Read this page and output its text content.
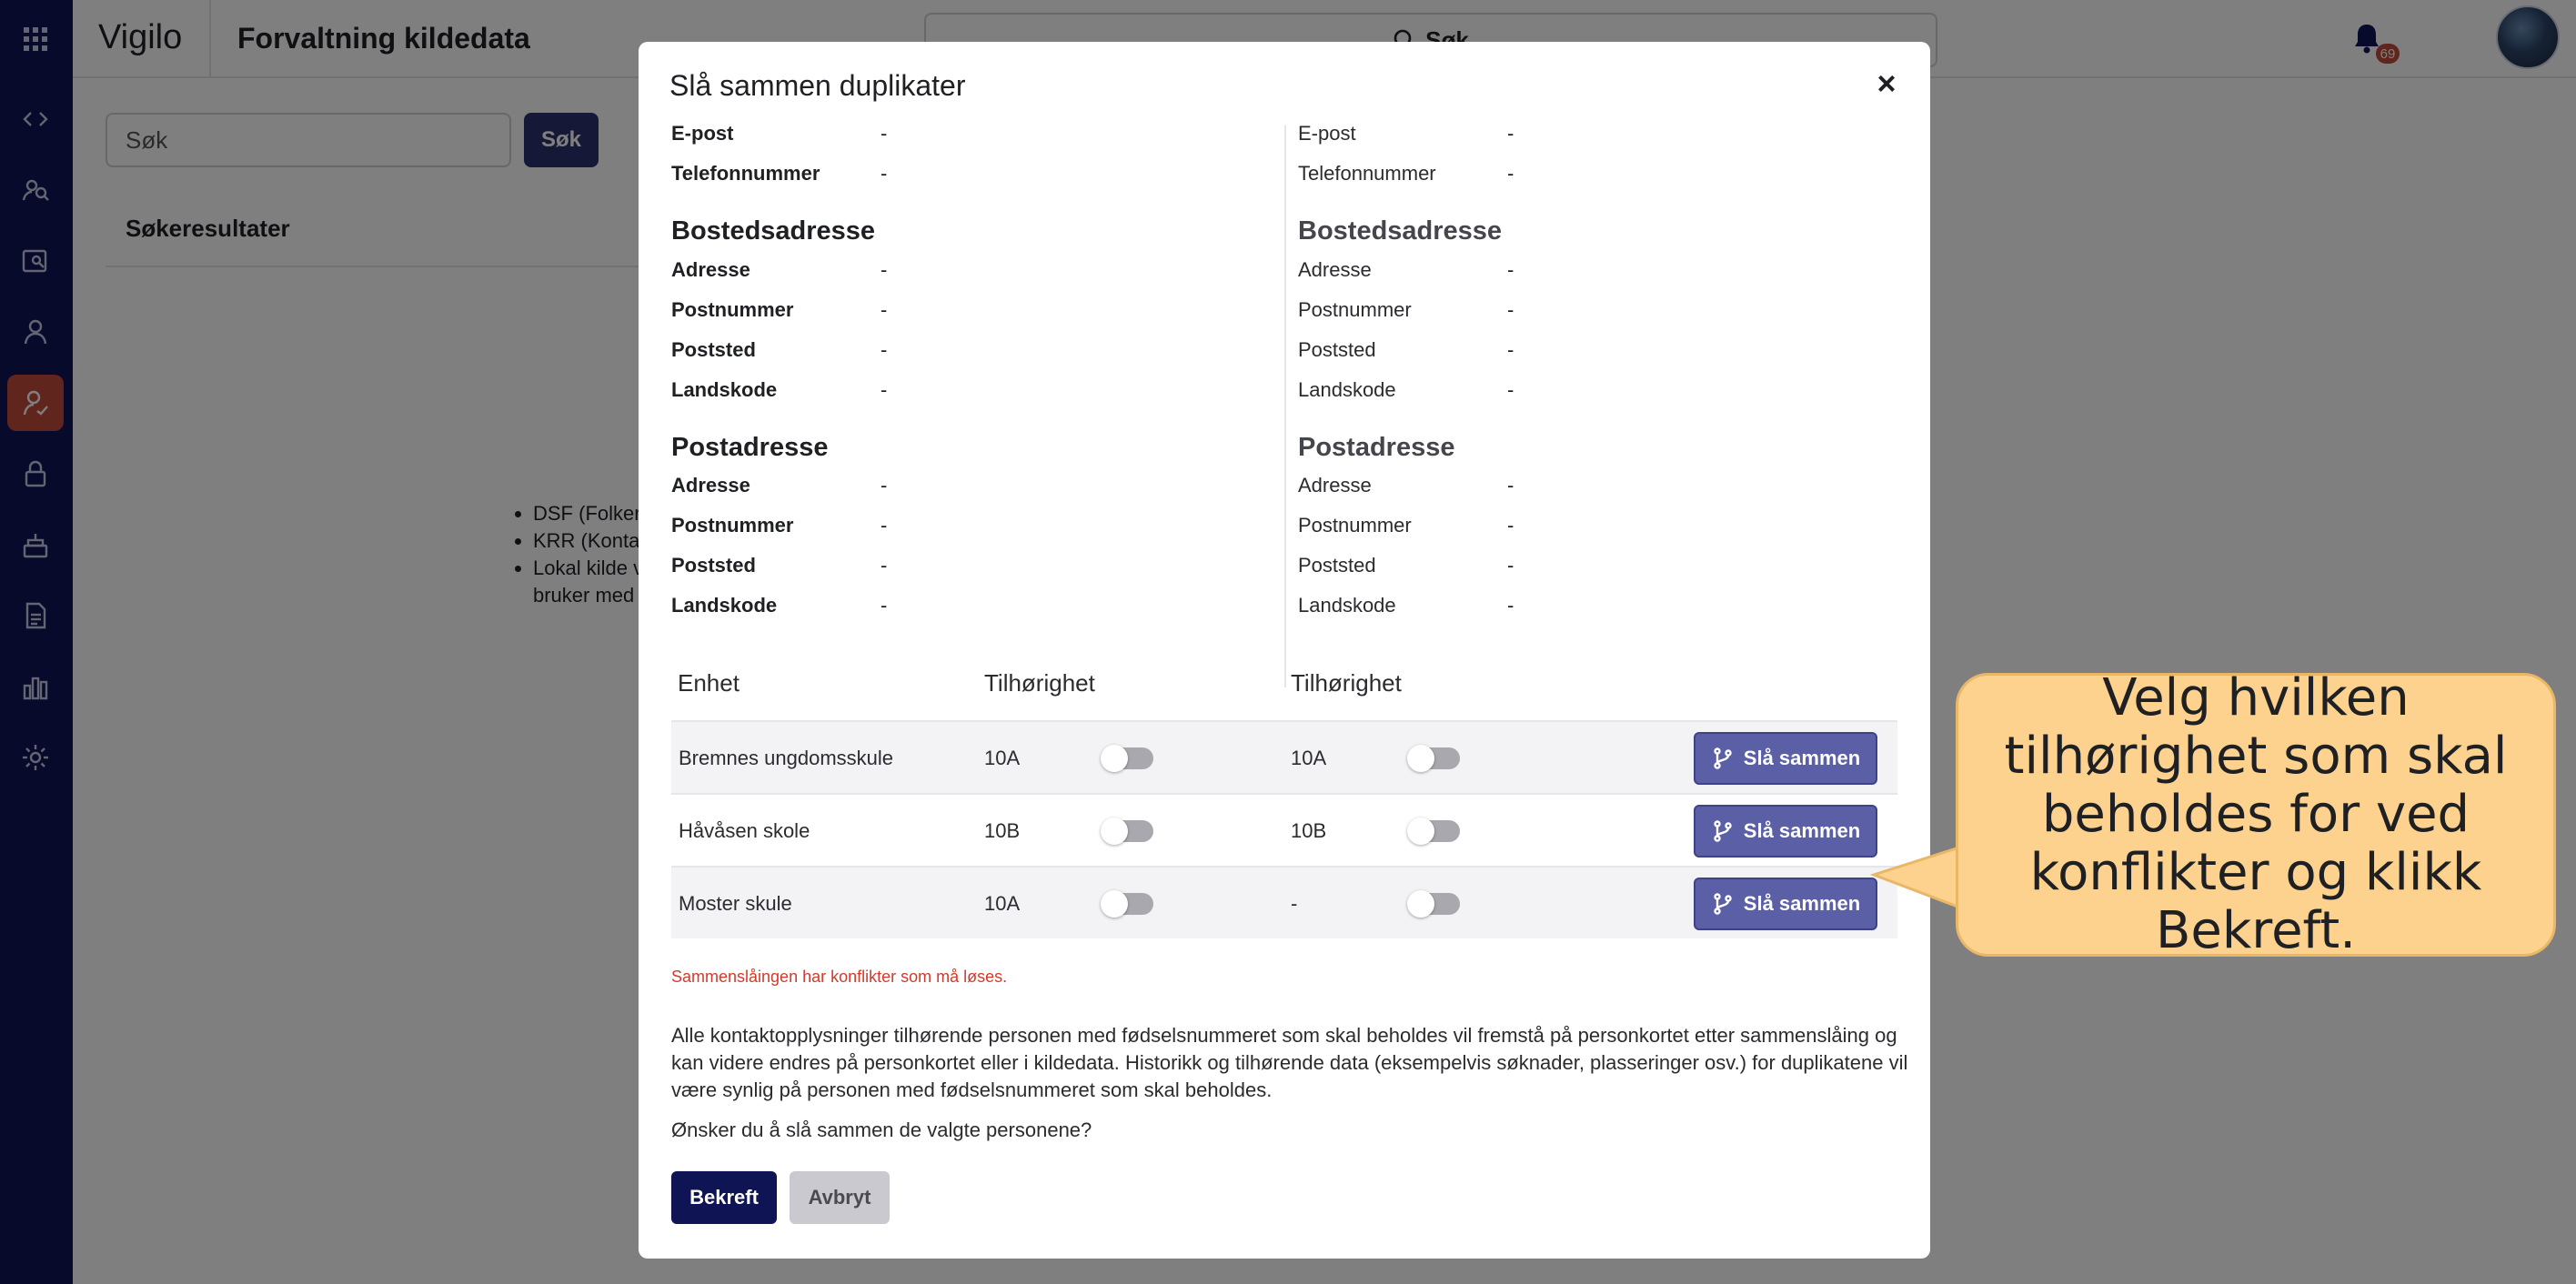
•
•
•
Slå sammen duplikater	×
E-post	-
Telefonnummer	-
Bostedsadresse
Adresse	-
Postnummer	-
Poststed	-
Landskode	-
Postadresse
Adresse	-
Postnummer	-
Poststed	-
Landskode	-
E-post	-
Telefonnummer	-
Bostedsadresse
Adresse	-
Postnummer	-
Poststed	-
Landskode	-
Postadresse
Adresse	-
Postnummer	-
Poststed	-
Landskode	-
Enhet	Tilhørighet	Tilhørighet
Bremnes ungdomsskule	10A	10A	Slå sammen
Håvåsen skole	10B	10B	Slå sammen
Moster skule	10A	-	Slå sammen
Sammenslåingen har konflikter som må løses.
Alle kontaktopplysninger tilhørende personen med fødselsnummeret som skal beholdes vil fremstå på personkortet etter sammenslåing og kan videre endres på personkortet eller i kildedata. Historikk og tilhørende data (eksempelvis søknader, plasseringer osv.) for duplikatene vil være synlig på personen med fødselsnummeret som skal beholdes.
Ønsker du å slå sammen de valgte personene?
Bekreft	Avbryt
Velg hvilken tilhørighet som skal beholdes for ved konflikter og klikk Bekreft.
